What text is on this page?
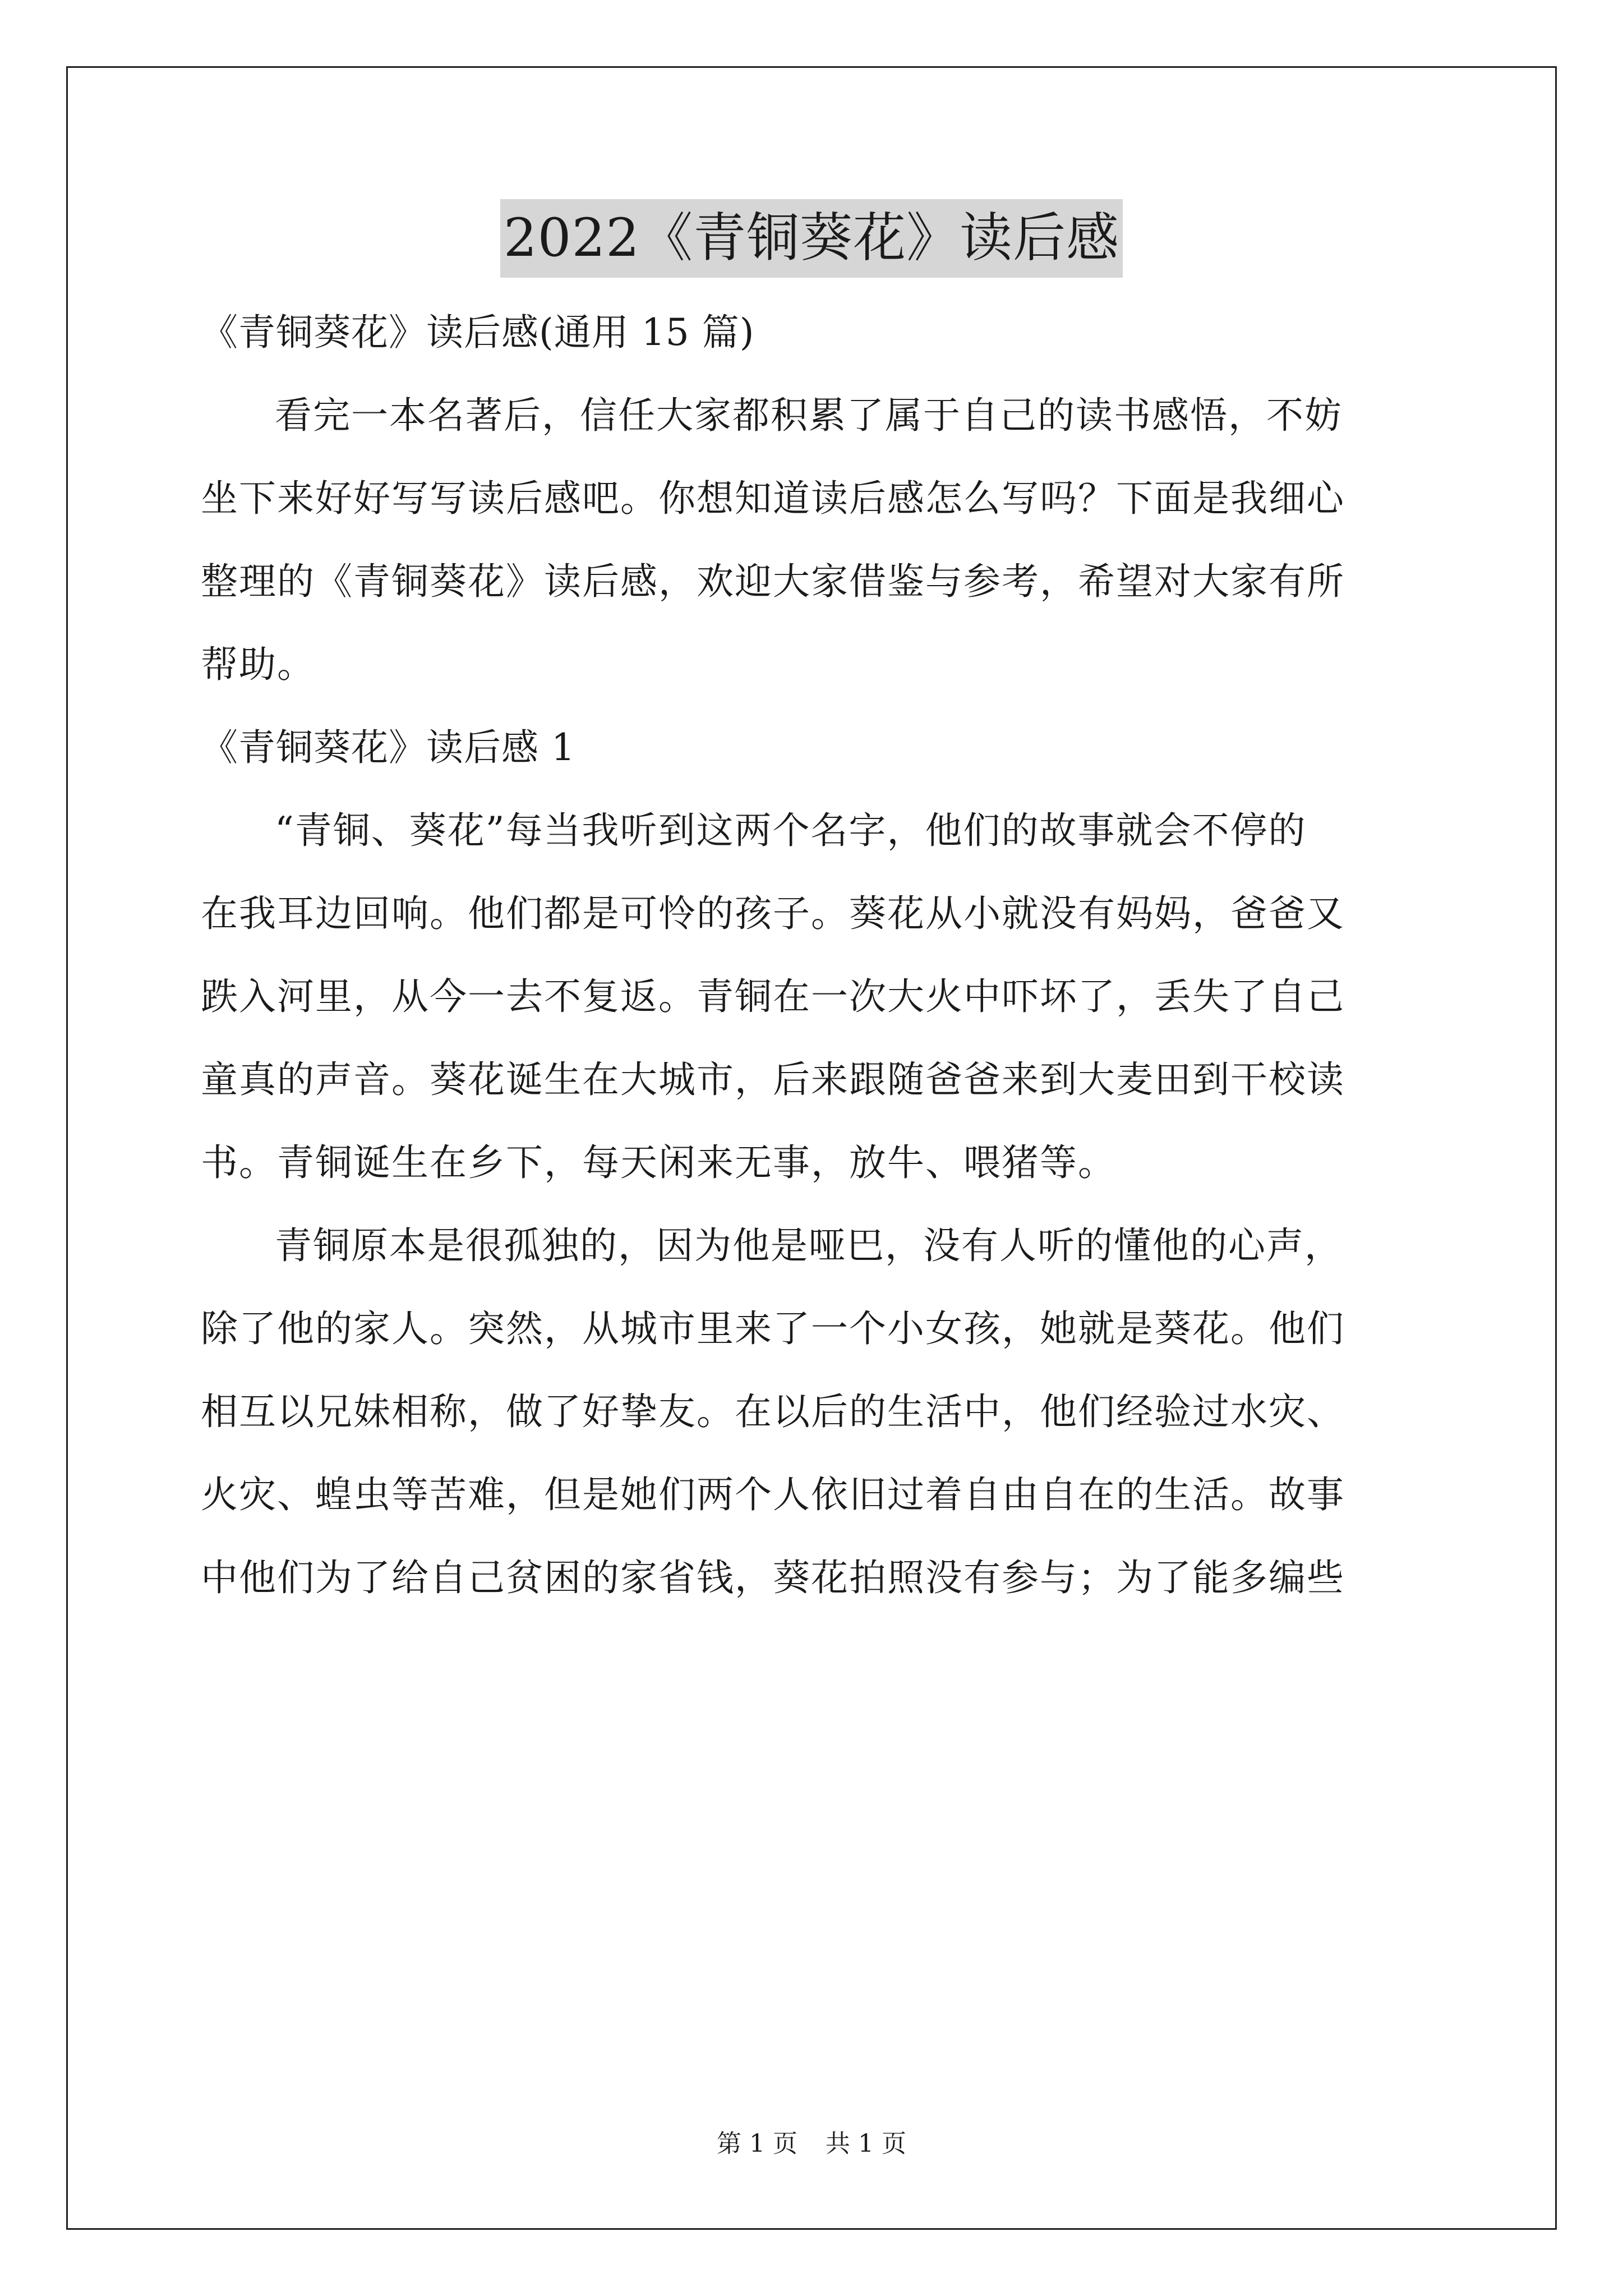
2022《青铜葵花》读后感
《青铜葵花》读后感(通用 15 篇)
看完一本名著后，信任大家都积累了属于自己的读书感悟，不妨
坐下来好好写写读后感吧。你想知道读后感怎么写吗？下面是我细心
整理的《青铜葵花》读后感，欢迎大家借鉴与参考，希望对大家有所
帮助。
《青铜葵花》读后感 1
“青铜、葵花”每当我听到这两个名字，他们的故事就会不停的
在我耳边回响。他们都是可怜的孩子。葵花从小就没有妈妈，爸爸又
跌入河里，从今一去不复返。青铜在一次大火中吓坏了，丢失了自己
童真的声音。葵花诞生在大城市，后来跟随爸爸来到大麦田到干校读
书。青铜诞生在乡下，每天闲来无事，放牛、喂猪等。
青铜原本是很孤独的，因为他是哑巴，没有人听的懂他的心声，
除了他的家人。突然，从城市里来了一个小女孩，她就是葵花。他们
相互以兄妹相称，做了好挚友。在以后的生活中，他们经验过水灾、
火灾、蝗虫等苦难，但是她们两个人依旧过着自由自在的生活。故事
中他们为了给自己贫困的家省钱，葵花拍照没有参与；为了能多编些
第 1 页 共 1 页
